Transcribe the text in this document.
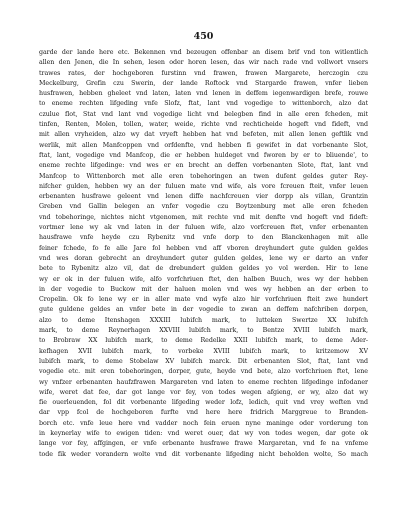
450
garde der lande here etc. Bekennen vnd bezeugen offenbar an disem brif vnd ton witlentlich
allen den Jenen, die In sehen, lesen oder horen lesen, das wir nach rade vnd vollwort vnsers
trawes rates, der hochgeboren furstinn vnd frawen, frawen Margarete, herczogin czu
Meckelburg, Grefin czu Swerin, der lande Roftock vnd Stargarde frawen, vnfer lieben
husfrawen, hebben gheleet vnd laten, laten vnd lenen in deffem iegenwardigen brefe, rouwe
to eneme rechten lifgeding vnfe Slofz, ftat, lant vnd vogedige to wittenborch, alzo dat
czulue flot, Stat vnd lant vnd vogedige licht vnd belegben find in alle eren fcheden, mit
tinfen, Renten, Molen, tollen, water, weide, richte vnd rechticheide hogeft vnd fideft, vnd
mit allen vryheiden, alzo wy dat vryeft hebben hat vnd befeten, mit allen lenen geftlik vnd
werlik, mit allen Manfcoppen vnd orfdenfte, vnd hebben fi gewifet in dat vorbenante Slot,
ftat, lant, vogedige vnd Manfcop, die er hebben huldeget vnd fworen by er to bliuende', to
eneme rechte lifgedinge: vnd wes er en brecht an deffen vorbenanten Slote, ftat, lant vnd
Manfcop to Wittenborch met alle eren tobehoringen an twen dufent geldes guter Rey-
nifcher gulden, hebben wy an der fuluen mate vnd wife, als vore fcreuen fteit, vnfer leuen
erbenanten husfrawe geleent vnd lenen diffe nachfcreuen vier dorpp als villan, Grantzin
Greben vnd Gallin belegen an vnfer vogedie czu Boytzenburg met alle eren fcheden
vnd tobehoringe, nichtes nicht vtgenomen, mit rechte vnd mit denfte vnd hogeft vnd fideft:
vortmer lene wy ak vnd laten in der fuluen wife, alzo vorfcreuen ftet, vnfer erbenanten
hausfrawe vnfe heyde czu Rybenitz vnd vnfe dorp to den Blanckenhagen mit alle
feiner fchede, fo fe alle Jare fol hebben vnd aff vboren dreyhundert gute gulden geldes
vnd wes doran gebrecht an dreyhundert guter gulden geldes, lene wy er darto an vnfer
bete to Rybenitz alzo vil, dat de drebundert gulden geldes yo vol werden. Hir to lene
wy er ok in der fuluen wife, alfo vorfchriuen ftet, den halben Buuch, wes wy der hebben
in der vogedie to Buckow mit der haluen molen vnd wes wy hebben an der erben to
Cropelin. Ok fo lene wy er in aller mate vnd wyfe alzo hir vorfchriuen fteit zwe hundert
gute guldene geldes an vnfer bete in der vogedie to zwan an deffem nafchriben dorpen,
alzo to deme Itenshagen XXXIII lubifch mark, to lutteken Swertze XX lubifch
mark, to deme Reynerhagen XXVIII lubifch mark, to Bentze XVIII lubifch mark,
to Brobraw XX lubifch mark, to deme Redelke XXII lubifch mark, to deme Ader-
kefhagen XVII lubifch mark, to vorbeke XVIII lubifch mark, to kritzemow XV
lubifch mark, to deme Stobelaw XV lubifch marck. Dit erbenanten Slot, ftat, lant vnd
vogedie etc. mit eren tobehoringen, dorper, gute, heyde vnd bete, alzo vorfchriuen ftet, lene
wy vnfzer erbenanten haufzfrawen Margareten vnd laten to eneme rechten lifgedinge infodaner
wife, weret dat fee, dar got lange vor fey, von todes wegen afgieng, er wy, alzo dat wy
fie ouerleuenden, fol dit vorbenante lifgeding weder lofz, ledich, quit vnd vrey weften vnd
dar vpp fcol de hochgeboren furfte vnd here here fridrich Marggreue to Branden-
borch etc. vnfe leue here vnd vadder noch fein eruen nyne maninge oder vorderung ton
in keynerlay wife to ewigen tiden: vnd weret ouer, dat wy von todes wegen, dar gote ok
lange vor fey, affgingen, er vnfe erbenante husfrawe frawe Margaretan, vnd fe na vnfeme
tode fik weder vorandern wolte vnd dit vorbenante lifgeding nicht beholden wolte, So mach
